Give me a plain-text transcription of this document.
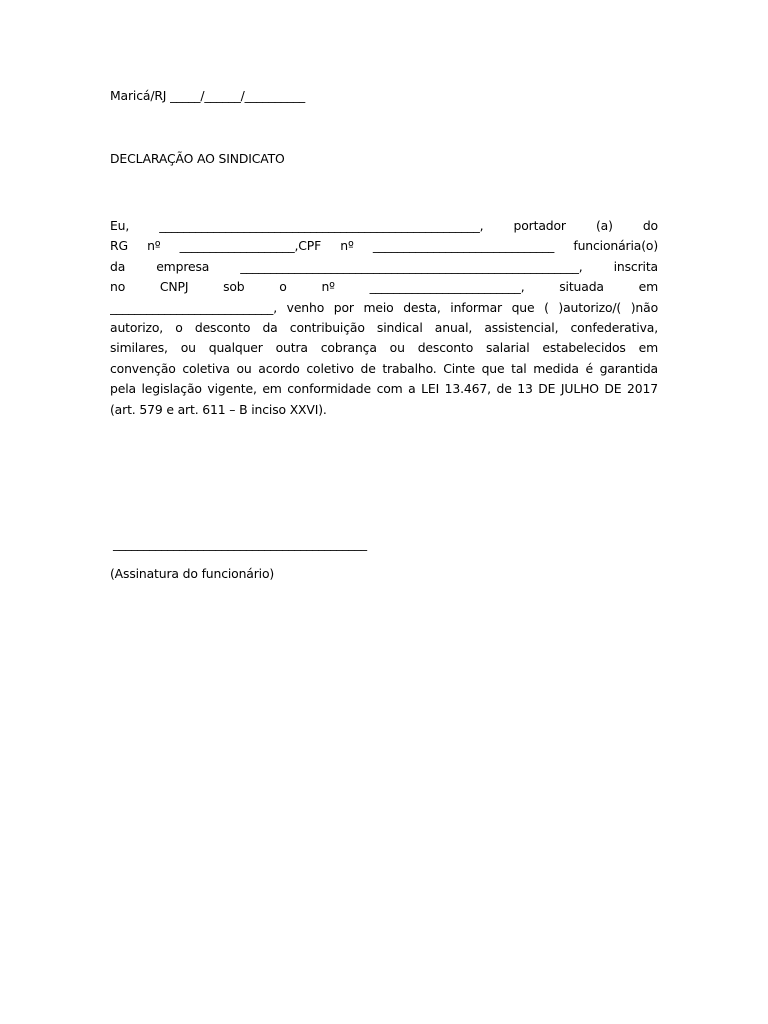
Maricá/RJ _____/______/__________
DECLARAÇÃO AO SINDICATO
Eu, _____________________________________________________, portador (a) do
RG nº ___________________,CPF nº ______________________________ funcionária(o)
da empresa ________________________________________________________, inscrita
no CNPJ sob o nº _________________________, situada em
___________________________, venho por meio desta, informar que ( )autorizo/( )não
autorizo, o desconto da contribuição sindical anual, assistencial, confederativa,
similares, ou qualquer outra cobrança ou desconto salarial estabelecidos em
convenção coletiva ou acordo coletivo de trabalho. Cinte que tal medida é garantida
pela legislação vigente, em conformidade com a LEI 13.467, de 13 DE JULHO DE 2017
(art. 579 e art. 611 – B inciso XXVI).
__________________________________________
(Assinatura do funcionário)
